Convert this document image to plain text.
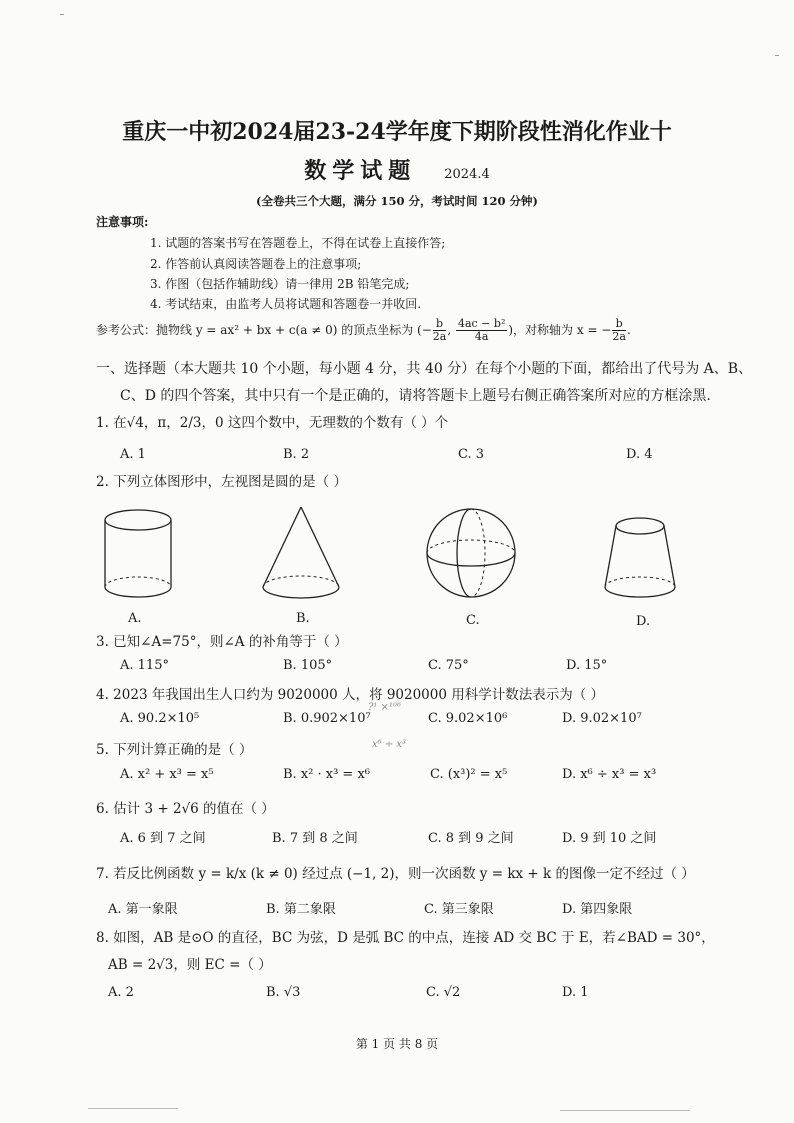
重庆一中初2024届23-24学年度下期阶段性消化作业十
数学试题 2024.4
(全卷共三个大题，满分 150 分，考试时间 120 分钟)
注意事项:
1. 试题的答案书写在答题卷上，不得在试卷上直接作答;
2. 作答前认真阅读答题卷上的注意事项;
3. 作图（包括作辅助线）请一律用 2B 铅笔完成;
4. 考试结束，由监考人员将试题和答题卷一并收回.
参考公式：抛物线 y = ax² + bx + c(a ≠ 0) 的顶点坐标为 (− $\frac{b}{2a}$ , $\frac{\text{4ac − b²}}{4a}$ )，对称轴为 x = − $\frac{b}{2a}$ .
一、选择题（本大题共 10 个小题，每小题 4 分，共 40 分）在每个小题的下面，都给出了代号为 A、B、
C、D 的四个答案，其中只有一个是正确的，请将答题卡上题号右侧正确答案所对应的方框涂黑.
1. 在√4，π，2/3，0 这四个数中，无理数的个数有（ ）个
A. 1	B. 2	C. 3	D. 4
2. 下列立体图形中，左视图是圆的是（ ）
A.	B.	C.	D.
3. 已知∠A=75°，则∠A 的补角等于（ ）
A. 115°	B. 105°	C. 75°	D. 15°
4. 2023 年我国出生人口约为 9020000 人，将 9020000 用科学计数法表示为（ ）
A. 90.2×10⁵	B. 0.902×10⁷	C. 9.02×10⁶	D. 9.02×10⁷
?¹ ×¹⁰⁶
5. 下列计算正确的是（ ）
A. x² + x³ = x⁵	B. x² · x³ = x⁶	C. (x³)² = x⁵	D. x⁶ ÷ x³ = x³
x⁶ ÷ x³
6. 估计 3 + 2√6 的值在（ ）
A. 6 到 7 之间	B. 7 到 8 之间	C. 8 到 9 之间	D. 9 到 10 之间
7. 若反比例函数 y = k/x (k ≠ 0) 经过点 (−1, 2)，则一次函数 y = kx + k 的图像一定不经过（ ）
A. 第一象限	B. 第二象限	C. 第三象限	D. 第四象限
8. 如图，AB 是⊙O 的直径，BC 为弦，D 是弧 BC 的中点，连接 AD 交 BC 于 E，若∠BAD = 30°，
AB = 2√3，则 EC =（ ）
A. 2	B. √3	C. √2	D. 1
第 1 页 共 8 页
